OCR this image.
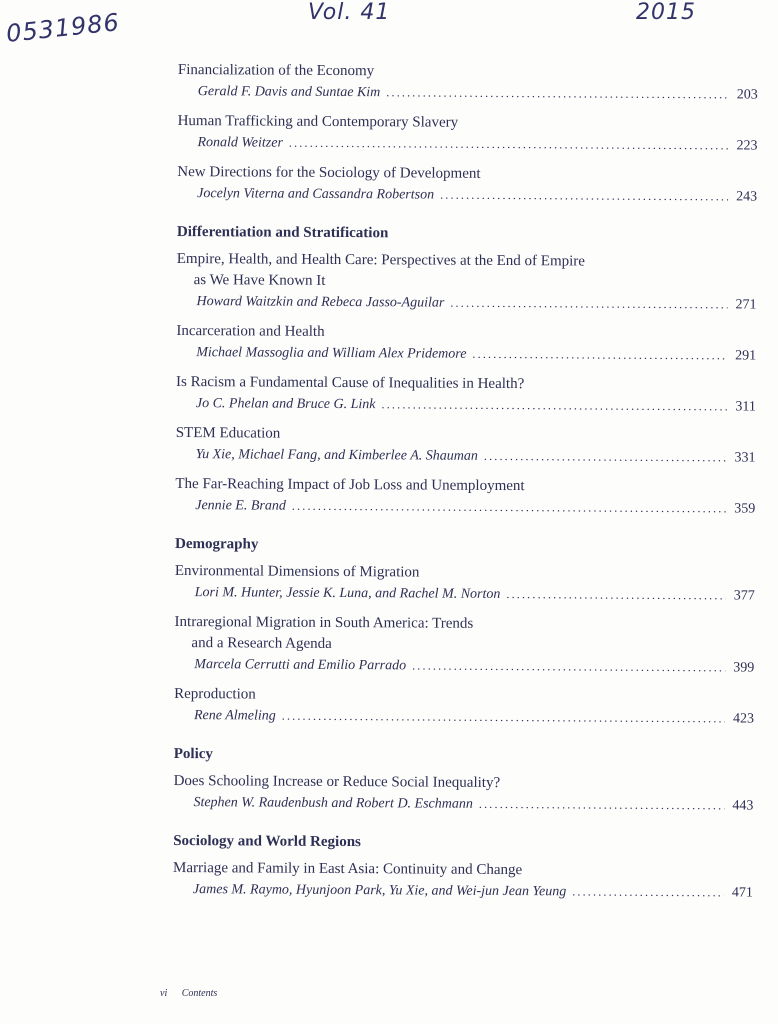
0531986	Vol. 41	2015
Financialization of the Economy
Gerald F. Davis and Suntae Kim .....	203
Human Trafficking and Contemporary Slavery
Ronald Weitzer .....	223
New Directions for the Sociology of Development
Jocelyn Viterna and Cassandra Robertson .....	243
Differentiation and Stratification
Empire, Health, and Health Care: Perspectives at the End of Empire
as We Have Known It
Howard Waitzkin and Rebeca Jasso-Aguilar .....	271
Incarceration and Health
Michael Massoglia and William Alex Pridemore .....	291
Is Racism a Fundamental Cause of Inequalities in Health?
Jo C. Phelan and Bruce G. Link .....	311
STEM Education
Yu Xie, Michael Fang, and Kimberlee A. Shauman .....	331
The Far-Reaching Impact of Job Loss and Unemployment
Jennie E. Brand .....	359
Demography
Environmental Dimensions of Migration
Lori M. Hunter, Jessie K. Luna, and Rachel M. Norton .....	377
Intraregional Migration in South America: Trends
and a Research Agenda
Marcela Cerrutti and Emilio Parrado .....	399
Reproduction
Rene Almeling .....	423
Policy
Does Schooling Increase or Reduce Social Inequality?
Stephen W. Raudenbush and Robert D. Eschmann .....	443
Sociology and World Regions
Marriage and Family in East Asia: Continuity and Change
James M. Raymo, Hyunjoon Park, Yu Xie, and Wei-jun Jean Yeung .....	471
vi Contents
